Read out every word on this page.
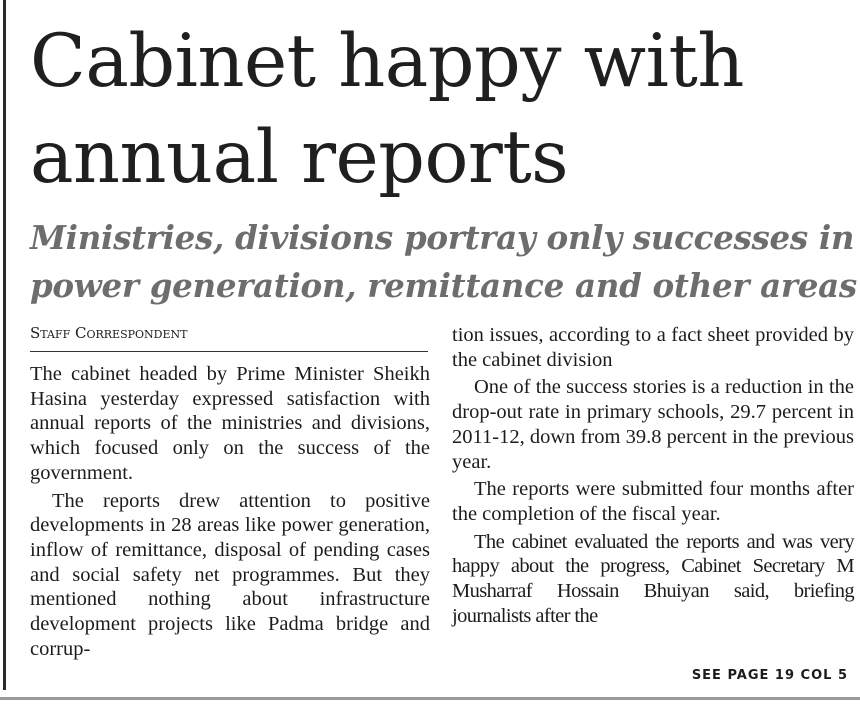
Cabinet happy with annual reports
Ministries, divisions portray only successes in power generation, remittance and other areas
Staff Correspondent

The cabinet headed by Prime Minister Sheikh Hasina yesterday expressed satisfaction with annual reports of the ministries and divisions, which focused only on the success of the government.

The reports drew attention to positive developments in 28 areas like power generation, inflow of remittance, disposal of pending cases and social safety net programmes. But they mentioned nothing about infrastructure development projects like Padma bridge and corrup-

tion issues, according to a fact sheet provided by the cabinet division

One of the success stories is a reduction in the drop-out rate in primary schools, 29.7 percent in 2011-12, down from 39.8 percent in the previous year.

The reports were submitted four months after the completion of the fiscal year.

The cabinet evaluated the reports and was very happy about the progress, Cabinet Secretary M Musharraf Hossain Bhuiyan said, briefing journalists after the

SEE PAGE 19 COL 5
